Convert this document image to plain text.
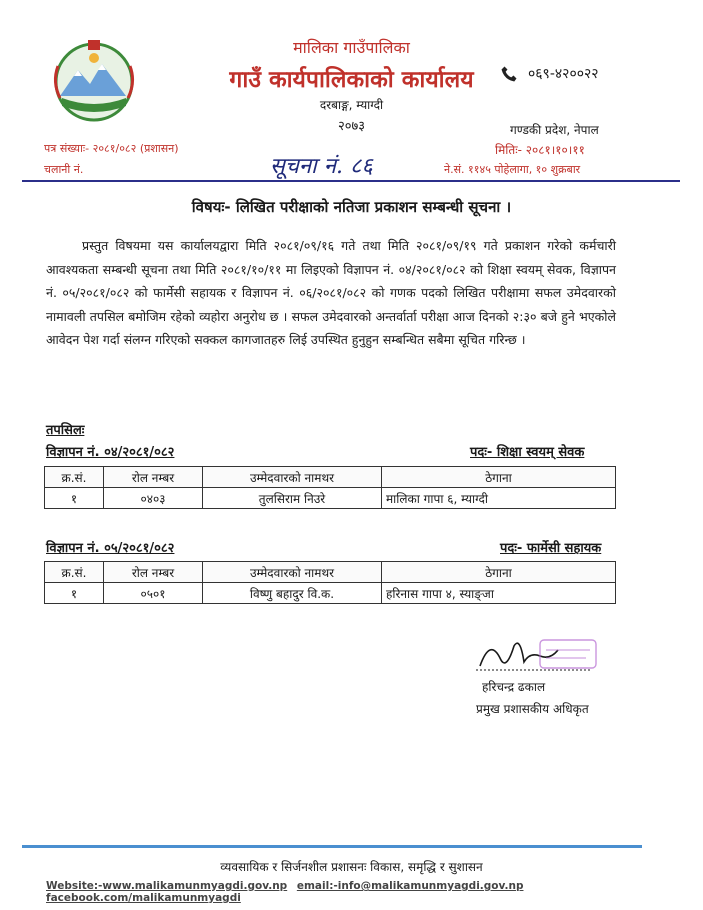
मालिका गाउँपालिका
गाउँ कार्यपालिकाको कार्यालय
दरबाङ्ग, म्याग्दी
२०७३
०६९-४२००२२
गण्डकी प्रदेश, नेपाल
पत्र संख्याः- २०८१/०८२ (प्रशासन)	मितिः- २०८१।१०।११
चलानी नं.	सूचना नं. ८६	ने.सं. ११४५ पोहेलागा, १० शुक्रबार
विषयः- लिखित परीक्षाको नतिजा प्रकाशन सम्बन्धी सूचना ।
प्रस्तुत विषयमा यस कार्यालयद्वारा मिति २०८१/०९/१६ गते तथा मिति २०८१/०९/१९ गते प्रकाशन गरेको कर्मचारी आवश्यकता सम्बन्धी सूचना तथा मिति २०८१/१०/११ मा लिइएको विज्ञापन नं. ०४/२०८१/०८२ को शिक्षा स्वयम् सेवक, विज्ञापन नं. ०५/२०८१/०८२ को फार्मेसी सहायक र विज्ञापन नं. ०६/२०८१/०८२ को गणक पदको लिखित परीक्षामा सफल उमेदवारको नामावली तपसिल बमोजिम रहेको व्यहोरा अनुरोध छ । सफल उमेदवारको अन्तर्वार्ता परीक्षा आज दिनको २:३० बजे हुने भएकोले आवेदन पेश गर्दा संलग्न गरिएको सक्कल कागजातहरु लिई उपस्थित हुनुहुन सम्बन्धित सबैमा सूचित गरिन्छ ।
तपसिलः
विज्ञापन नं. ०४/२०८१/०८२	पदः- शिक्षा स्वयम् सेवक
क्र.सं.	रोल नम्बर	उम्मेदवारको नामथर	ठेगाना
१	०४०३	तुलसिराम निउरे	मालिका गापा ६, म्याग्दी
विज्ञापन नं. ०५/२०८१/०८२	पदः- फार्मेसी सहायक
क्र.सं.	रोल नम्बर	उम्मेदवारको नामथर	ठेगाना
१	०५०१	विष्णु बहादुर वि.क.	हरिनास गापा ४, स्याङ्जा
हरिचन्द्र ढकाल
प्रमुख प्रशासकीय अधिकृत
व्यवसायिक र सिर्जनशील प्रशासनः विकास, समृद्धि र सुशासन
Website:-www.malikamunmyagdi.gov.np email:-info@malikamunmyagdi.gov.np facebook.com/malikamunmyagdi
